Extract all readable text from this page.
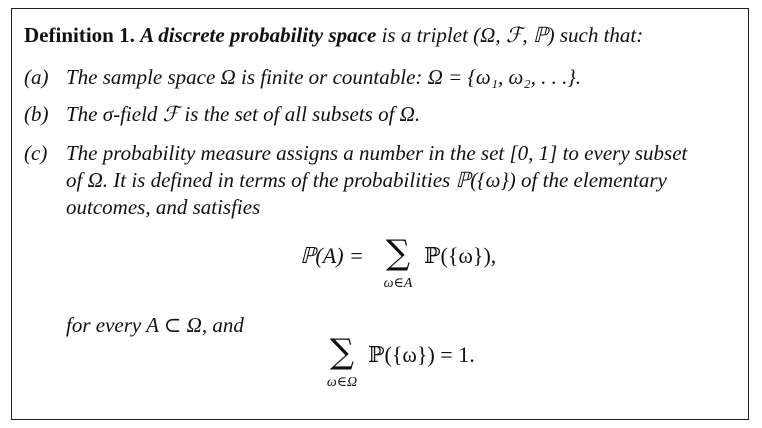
Definition 1. A discrete probability space is a triplet (Ω, ℱ, ℙ) such that:
(a) The sample space Ω is finite or countable: Ω = {ω₁, ω₂, . . .}.
(b) The σ-field ℱ is the set of all subsets of Ω.
(c) The probability measure assigns a number in the set [0, 1] to every subset
of Ω. It is defined in terms of the probabilities ℙ({ω}) of the elementary
outcomes, and satisfies
ℙ(A) = ∑
ω∈A
ℙ({ω}),
for every A ⊂ Ω, and
∑
ω∈Ω
ℙ({ω}) = 1.
